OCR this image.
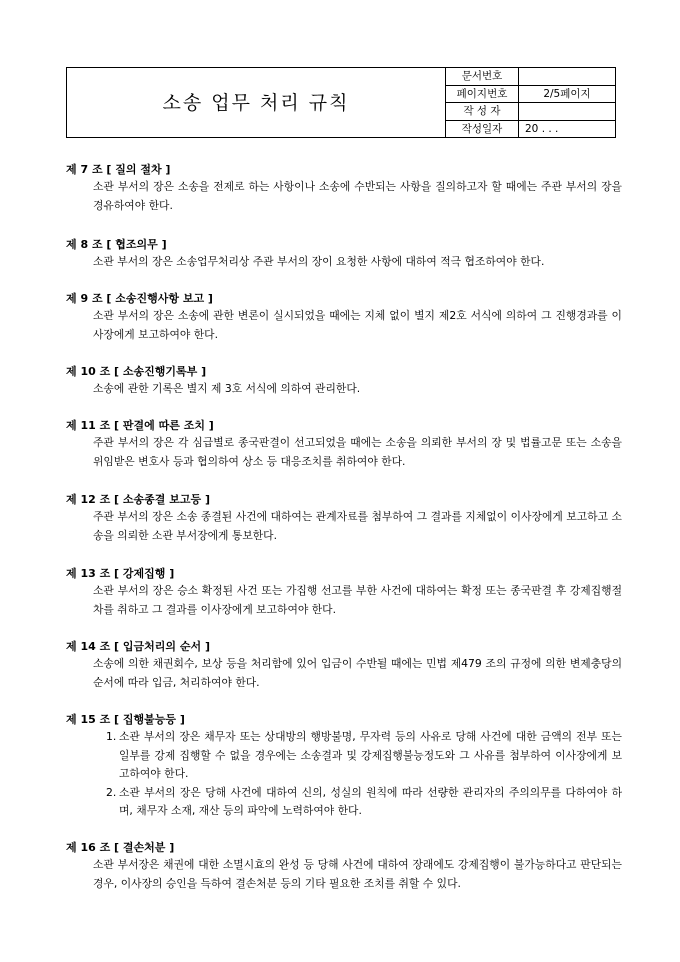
소송 업무 처리 규칙	문서번호	
	페이지번호	2/5페이지
	작 성 자	
	작성일자	20 . . .
제 7 조 [ 질의 절차 ]
소관 부서의 장은 소송을 전제로 하는 사항이나 소송에 수반되는 사항을 질의하고자 할 때에는 주관 부서의 장을 경유하여야 한다.
제 8 조 [ 협조의무 ]
소관 부서의 장은 소송업무처리상 주관 부서의 장이 요청한 사항에 대하여 적극 협조하여야 한다.
제 9 조 [ 소송진행사항 보고 ]
소관 부서의 장은 소송에 관한 변론이 실시되었을 때에는 지체 없이 별지 제2호 서식에 의하여 그 진행경과를 이사장에게 보고하여야 한다.
제 10 조 [ 소송진행기록부 ]
소송에 관한 기록은 별지 제 3호 서식에 의하여 관리한다.
제 11 조 [ 판결에 따른 조치 ]
주관 부서의 장은 각 심급별로 종국판결이 선고되었을 때에는 소송을 의뢰한 부서의 장 및 법률고문 또는 소송을 위임받은 변호사 등과 협의하여 상소 등 대응조치를 취하여야 한다.
제 12 조 [ 소송종결 보고등 ]
주관 부서의 장은 소송 종결된 사건에 대하여는 관계자료를 첨부하여 그 결과를 지체없이 이사장에게 보고하고 소송을 의뢰한 소관 부서장에게 통보한다.
제 13 조 [ 강제집행 ]
소관 부서의 장은 승소 확정된 사건 또는 가집행 선고를 부한 사건에 대하여는 확정 또는 종국판결 후 강제집행절차를 취하고 그 결과를 이사장에게 보고하여야 한다.
제 14 조 [ 입금처리의 순서 ]
소송에 의한 채권회수, 보상 등을 처리함에 있어 입금이 수반될 때에는 민법 제479 조의 규정에 의한 변제충당의 순서에 따라 입금, 처리하여야 한다.
제 15 조 [ 집행불능등 ]
1. 소관 부서의 장은 채무자 또는 상대방의 행방불명, 무자력 등의 사유로 당해 사건에 대한 금액의 전부 또는 일부를 강제 집행할 수 없을 경우에는 소송결과 및 강제집행불능정도와 그 사유를 첨부하여 이사장에게 보고하여야 한다.
2. 소관 부서의 장은 당해 사건에 대하여 신의, 성실의 원칙에 따라 선량한 관리자의 주의의무를 다하여야 하며, 채무자 소재, 재산 등의 파악에 노력하여야 한다.
제 16 조 [ 결손처분 ]
소관 부서장은 채권에 대한 소멸시효의 완성 등 당해 사건에 대하여 장래에도 강제집행이 불가능하다고 판단되는 경우, 이사장의 승인을 득하여 결손처분 등의 기타 필요한 조치를 취할 수 있다.
